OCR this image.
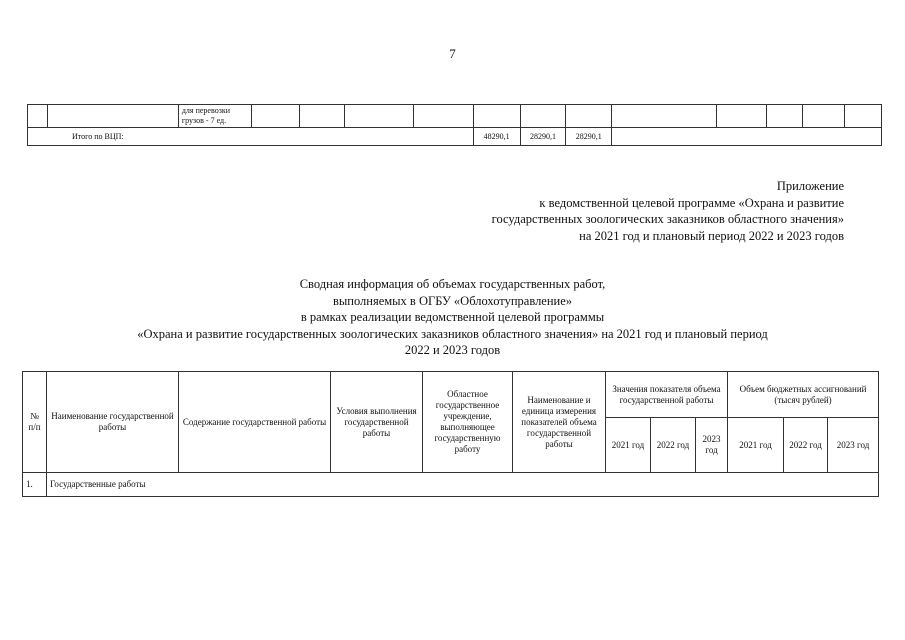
7
		для перевозки грузов - 7 ед.												
Итого по ВЦП:							48290,1	28290,1	28290,1					
Приложение
к ведомственной целевой программе «Охрана и развитие
государственных зоологических заказников областного значения»
на 2021 год и плановый период 2022 и 2023 годов
Сводная информация об объемах государственных работ,
выполняемых в ОГБУ «Облохотуправление»
в рамках реализации ведомственной целевой программы
«Охрана и развитие государственных зоологических заказников областного значения» на 2021 год и плановый период
2022 и 2023 годов
№ п/п	Наименование государственной работы	Содержание государственной работы	Условия выполнения государственной работы	Областное государственное учреждение, выполняющее государственную работу	Наименование и единица измерения показателей объема государственной работы	Значения показателя объема государственной работы			Объем бюджетных ассигнований (тысяч рублей)		
						2021 год	2022 год	2023 год	2021 год	2022 год	2023 год
1.	Государственные работы										
